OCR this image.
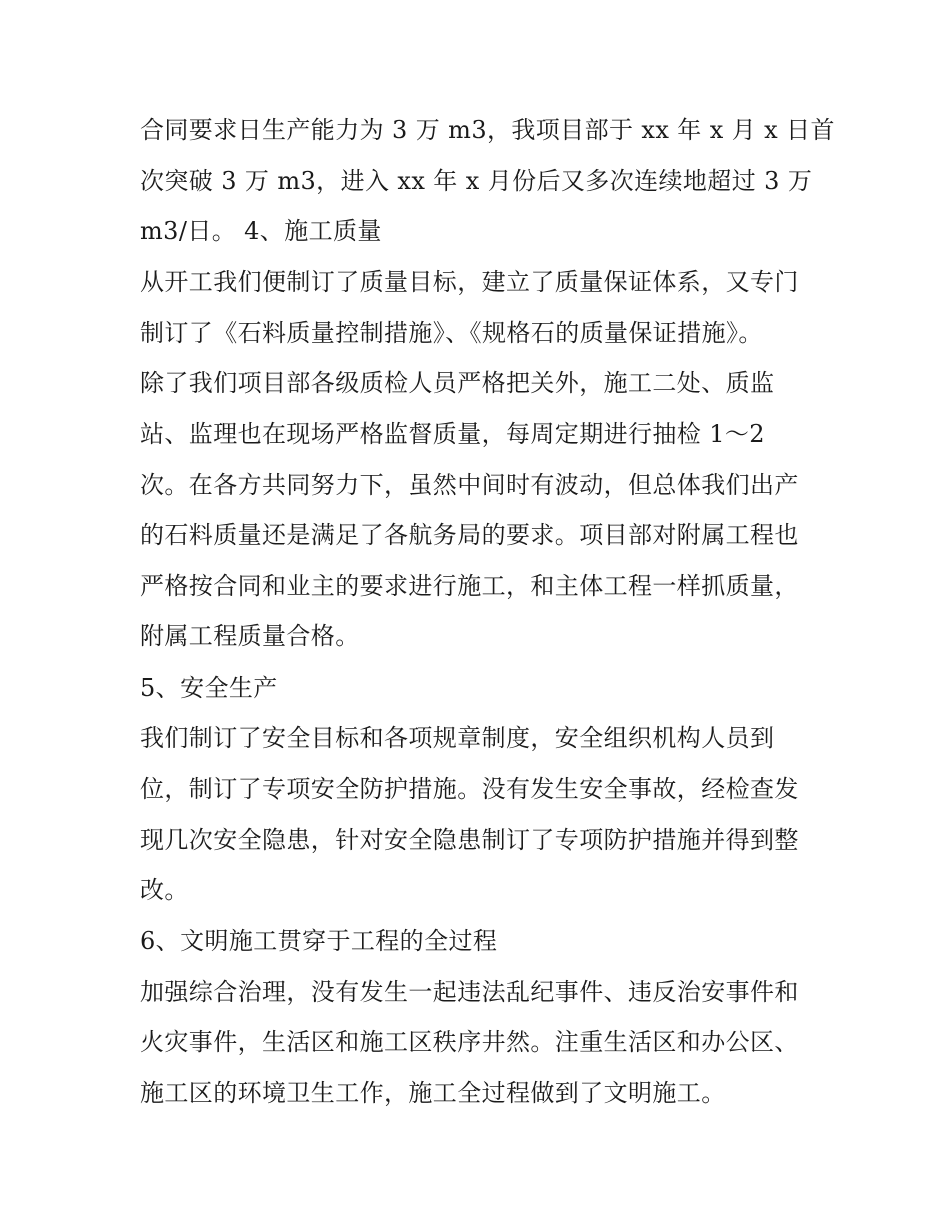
合同要求日生产能力为 3 万 m3，我项目部于 xx 年 x 月 x 日首

次突破 3 万 m3，进入 xx 年 x 月份后又多次连续地超过 3 万

m3/日。 4、施工质量

从开工我们便制订了质量目标，建立了质量保证体系，又专门

制订了《石料质量控制措施》、《规格石的质量保证措施》。

除了我们项目部各级质检人员严格把关外，施工二处、质监

站、监理也在现场严格监督质量，每周定期进行抽检 1～2

次。在各方共同努力下，虽然中间时有波动，但总体我们出产

的石料质量还是满足了各航务局的要求。项目部对附属工程也

严格按合同和业主的要求进行施工，和主体工程一样抓质量，

附属工程质量合格。

5、安全生产

我们制订了安全目标和各项规章制度，安全组织机构人员到

位，制订了专项安全防护措施。没有发生安全事故，经检查发

现几次安全隐患，针对安全隐患制订了专项防护措施并得到整

改。

6、文明施工贯穿于工程的全过程

加强综合治理，没有发生一起违法乱纪事件、违反治安事件和

火灾事件，生活区和施工区秩序井然。注重生活区和办公区、

施工区的环境卫生工作，施工全过程做到了文明施工。
